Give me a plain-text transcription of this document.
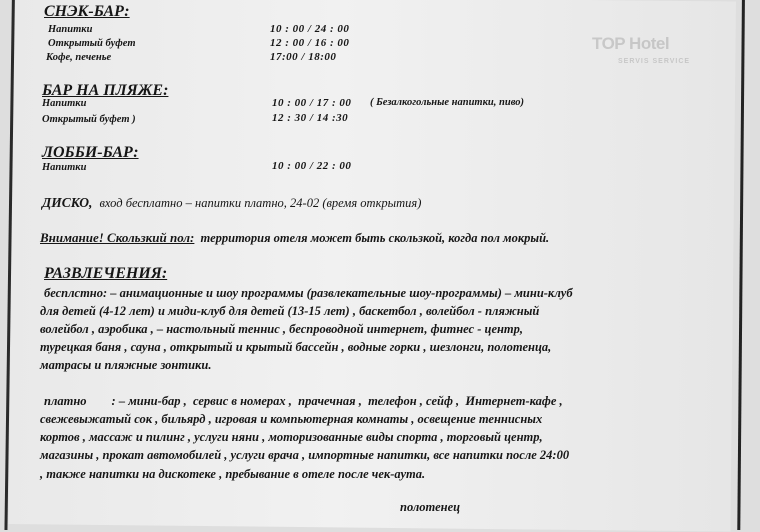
TOP Hotel
SERVIS SERVICE
СНЭК-БАР:
Напитки	10 : 00 / 24 : 00
Открытый буфет	12 : 00 / 16 : 00
Кофе, печенье	17:00 / 18:00
БАР НА ПЛЯЖЕ:
Напитки	10 : 00 / 17 : 00 ( Безалкогольные напитки, пиво)
Открытый буфет )	12 : 30 / 14 :30
ЛОББИ-БАР:
Напитки	10 : 00 / 22 : 00
ДИСКО, вход бесплатно – напитки платно, 24-02 (время открытия)
Внимание! Скользкий пол: территория отеля может быть скользкой, когда пол мокрый.
РАЗВЛЕЧЕНИЯ:
бесплстно: – анимационные и шоу программы (развлекательные шоу-программы) – мини-клуб
для детей (4-12 лет) и миди-клуб для детей (13-15 лет) , баскетбол , волейбол - пляжный
волейбол , аэробика , – настольный теннис , беспроводной интернет, фитнес - центр,
турецкая баня , сауна , открытый и крытый бассейн , водные горки , шезлонги, полотенца,
матрасы и пляжные зонтики.
платно        : – мини-бар ,  сервис в номерах ,  прачечная ,  телефон , сейф ,  Интернет-кафе ,
свежевыжатый сок , бильярд , игровая и компьютерная комнаты , освещение теннисных
кортов , массаж и пилинг , услуги няни , моторизованные виды спорта , торговый центр,
магазины , прокат автомобилей , услуги врача , импортные напитки, все напитки после 24:00
, также напитки на дискотеке , пребывание в отеле после чек-аута.
полотенец
